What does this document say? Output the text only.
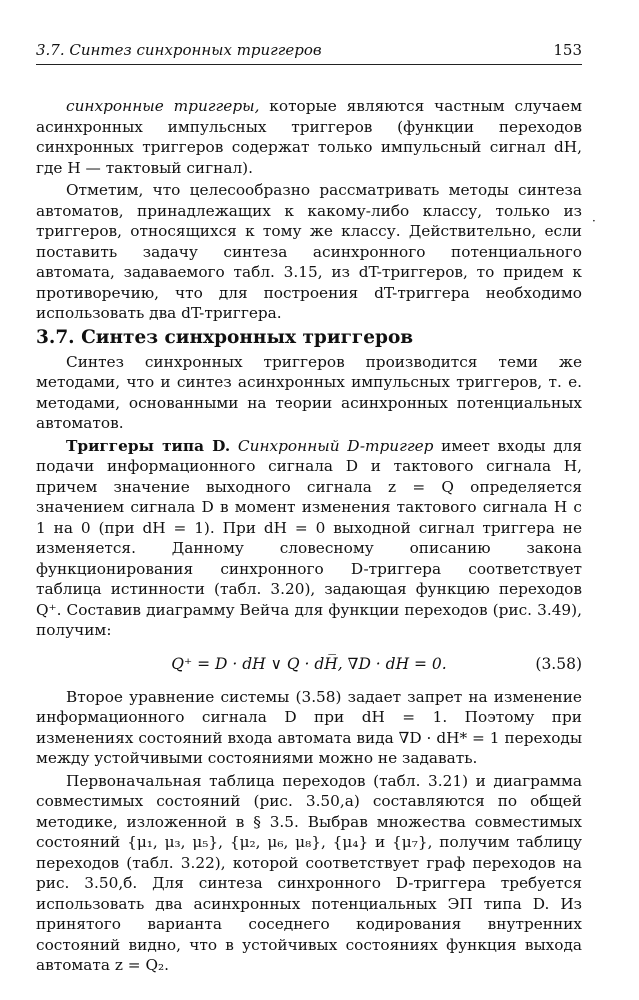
3.7. Синтез синхронных триггеров	153
·

синхронные триггеры, которые являются частным случаем асинхронных импульсных триггеров (функции переходов синхронных триггеров содержат только импульсный сигнал dH, где H — тактовый сигнал).

Отметим, что целесообразно рассматривать методы синтеза автоматов, принадлежащих к какому-либо классу, только из триггеров, относящихся к тому же классу. Действительно, если поставить задачу синтеза асинхронного потенциального автомата, задаваемого табл. 3.15, из dT-триггеров, то придем к противоречию, что для построения dT-триггера необходимо использовать два dT-триггера.

3.7. Синтез синхронных триггеров

Синтез синхронных триггеров производится теми же методами, что и синтез асинхронных импульсных триггеров, т. е. методами, основанными на теории асинхронных потенциальных автоматов.

Триггеры типа D. Синхронный D-триггер имеет входы для подачи информационного сигнала D и тактового сигнала H, причем значение выходного сигнала z = Q определяется значением сигнала D в момент изменения тактового сигнала H с 1 на 0 (при dH = 1). При dH = 0 выходной сигнал триггера не изменяется. Данному словесному описанию закона функционирования синхронного D-триггера соответствует таблица истинности (табл. 3.20), задающая функцию переходов Q⁺. Составив диаграмму Вейча для функции переходов (рис. 3.49), получим:

Q⁺ = D · dH ∨ Q · dH̅, ∇D · dH = 0.	(3.58)

Второе уравнение системы (3.58) задает запрет на изменение информационного сигнала D при dH = 1. Поэтому при изменениях состояний входа автомата вида ∇D · dH* = 1 переходы между устойчивыми состояниями можно не задавать.

Первоначальная таблица переходов (табл. 3.21) и диаграмма совместимых состояний (рис. 3.50,а) составляются по общей методике, изложенной в § 3.5. Выбрав множества совместимых состояний {μ₁, μ₃, μ₅}, {μ₂, μ₆, μ₈}, {μ₄} и {μ₇}, получим таблицу переходов (табл. 3.22), которой соответствует граф переходов на рис. 3.50,б. Для синтеза синхронного D-триггера требуется использовать два асинхронных потенциальных ЭП типа D. Из принятого варианта соседнего кодирования внутренних состояний видно, что в устойчивых состояниях функция выхода автомата z = Q₂.
